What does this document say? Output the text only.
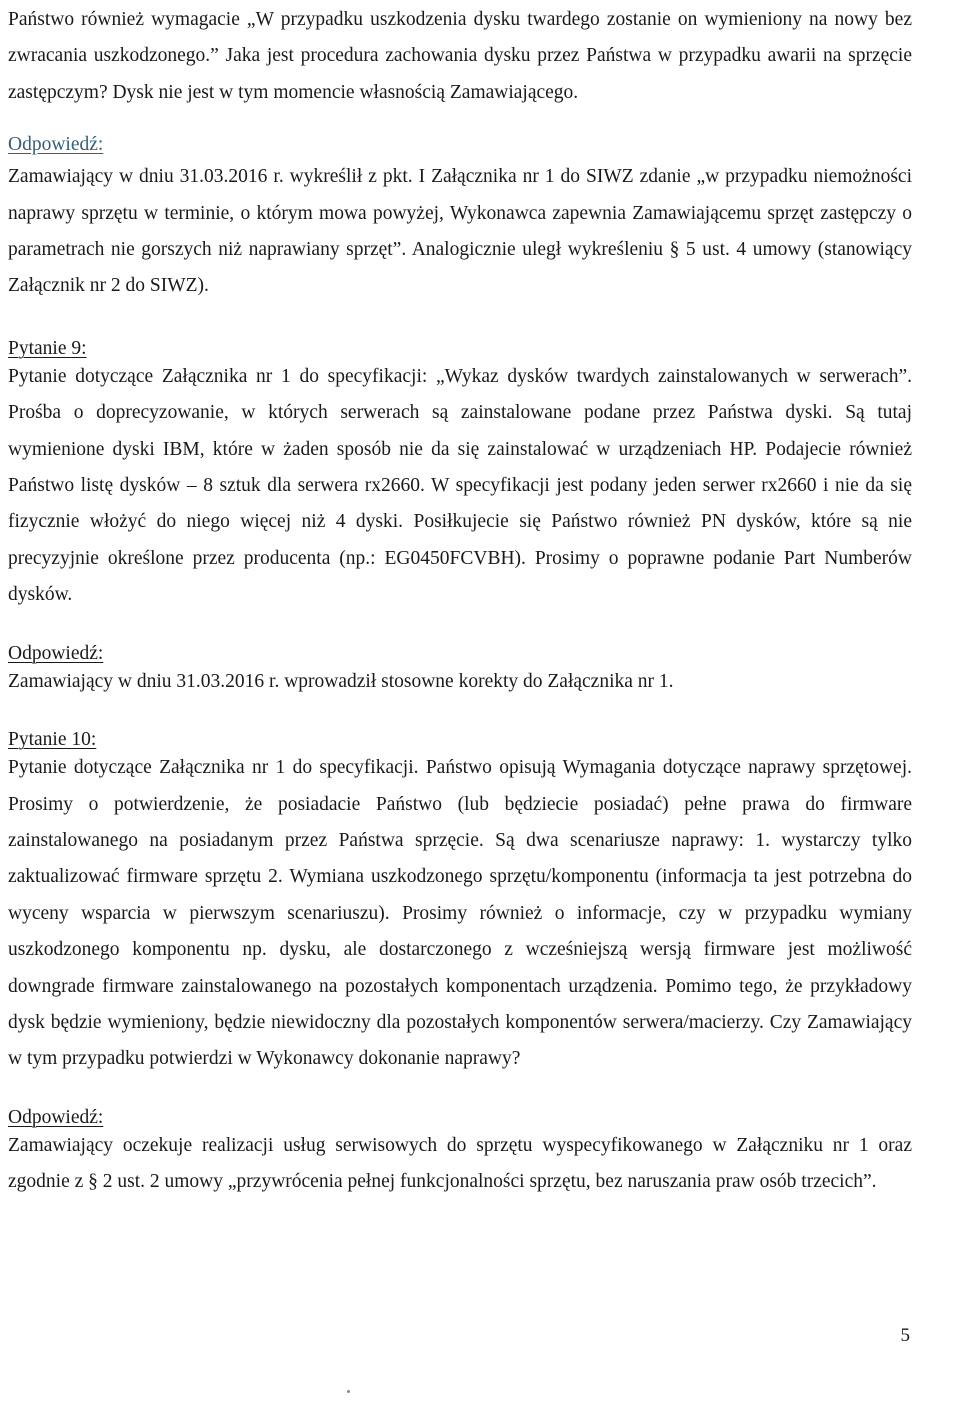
Państwo również wymagacie „W przypadku uszkodzenia dysku twardego zostanie on wymieniony na nowy bez zwracania uszkodzonego.” Jaka jest procedura zachowania dysku przez Państwa w przypadku awarii na sprzęcie zastępczym? Dysk nie jest w tym momencie własnością Zamawiającego.

Odpowiedź:

Zamawiający w dniu 31.03.2016 r. wykreślił z pkt. I Załącznika nr 1 do SIWZ zdanie „w przypadku niemożności naprawy sprzętu w terminie, o którym mowa powyżej, Wykonawca zapewnia Zamawiającemu sprzęt zastępczy o parametrach nie gorszych niż naprawiany sprzęt”. Analogicznie uległ wykreśleniu § 5 ust. 4 umowy (stanowiący Załącznik nr 2 do SIWZ).

Pytanie 9:

Pytanie dotyczące Załącznika nr 1 do specyfikacji: „Wykaz dysków twardych zainstalowanych w serwerach”. Prośba o doprecyzowanie, w których serwerach są zainstalowane podane przez Państwa dyski. Są tutaj wymienione dyski IBM, które w żaden sposób nie da się zainstalować w urządzeniach HP. Podajecie również Państwo listę dysków – 8 sztuk dla serwera rx2660. W specyfikacji jest podany jeden serwer rx2660 i nie da się fizycznie włożyć do niego więcej niż 4 dyski. Posiłkujecie się Państwo również PN dysków, które są nie precyzyjnie określone przez producenta (np.: EG0450FCVBH). Prosimy o poprawne podanie Part Numberów dysków.

Odpowiedź:

Zamawiający w dniu 31.03.2016 r. wprowadził stosowne korekty do Załącznika nr 1.

Pytanie 10:

Pytanie dotyczące Załącznika nr 1 do specyfikacji. Państwo opisują Wymagania dotyczące naprawy sprzętowej. Prosimy o potwierdzenie, że posiadacie Państwo (lub będziecie posiadać) pełne prawa do firmware zainstalowanego na posiadanym przez Państwa sprzęcie. Są dwa scenariusze naprawy: 1. wystarczy tylko zaktualizować firmware sprzętu 2. Wymiana uszkodzonego sprzętu/komponentu (informacja ta jest potrzebna do wyceny wsparcia w pierwszym scenariuszu). Prosimy również o informacje, czy w przypadku wymiany uszkodzonego komponentu np. dysku, ale dostarczonego z wcześniejszą wersją firmware jest możliwość downgrade firmware zainstalowanego na pozostałych komponentach urządzenia. Pomimo tego, że przykładowy dysk będzie wymieniony, będzie niewidoczny dla pozostałych komponentów serwera/macierzy. Czy Zamawiający w tym przypadku potwierdzi w Wykonawcy dokonanie naprawy?

Odpowiedź:

Zamawiający oczekuje realizacji usług serwisowych do sprzętu wyspecyfikowanego w Załączniku nr 1 oraz zgodnie z § 2 ust. 2 umowy „przywrócenia pełnej funkcjonalności sprzętu, bez naruszania praw osób trzecich”.

5
